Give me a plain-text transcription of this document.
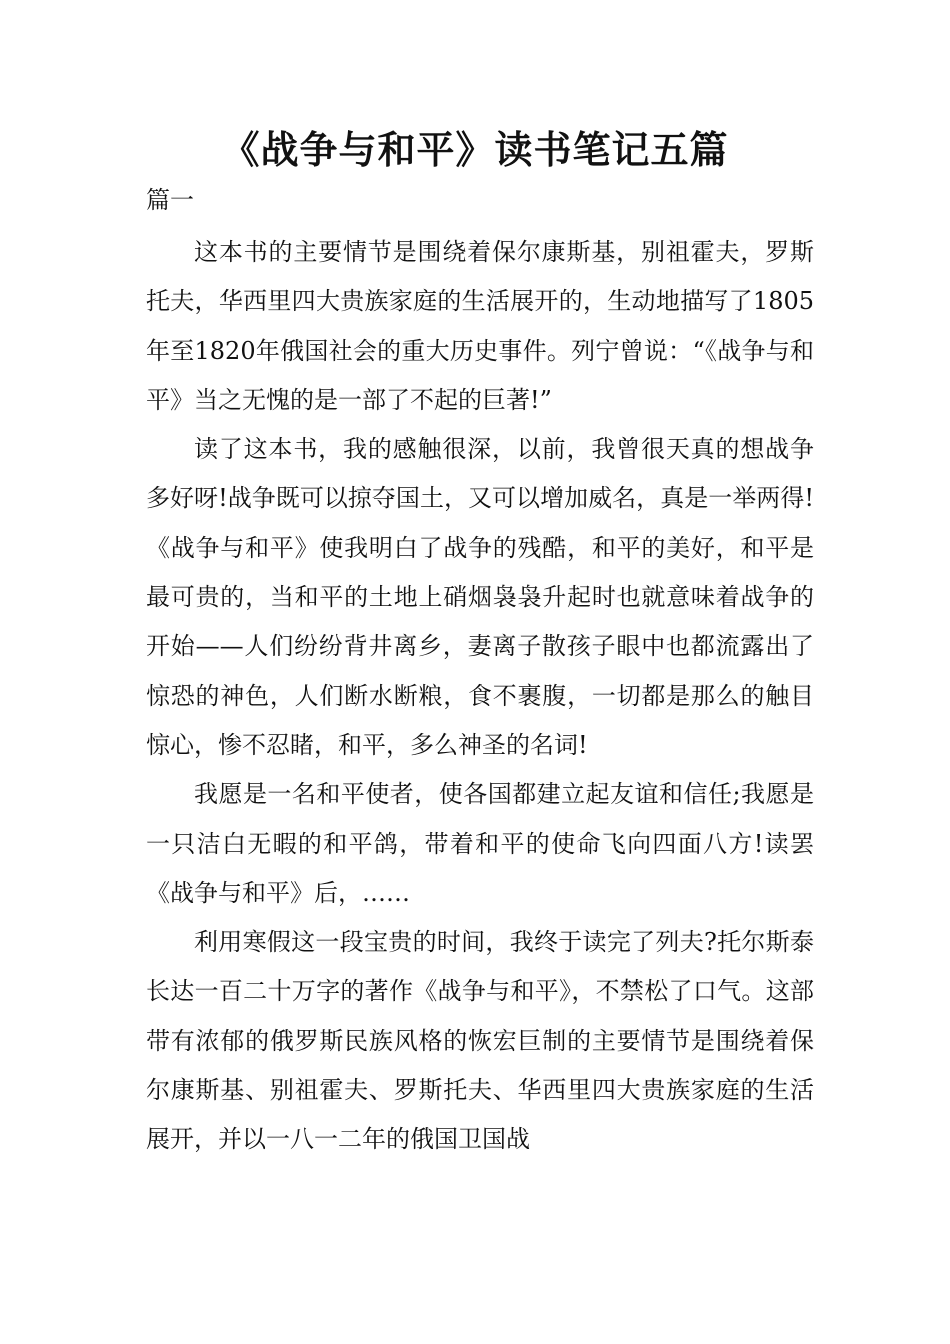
《战争与和平》读书笔记五篇

篇一

这本书的主要情节是围绕着保尔康斯基，别祖霍夫，罗斯托夫，华西里四大贵族家庭的生活展开的，生动地描写了1805年至1820年俄国社会的重大历史事件。列宁曾说：“《战争与和平》当之无愧的是一部了不起的巨著!”

读了这本书，我的感触很深，以前，我曾很天真的想战争多好呀!战争既可以掠夺国土，又可以增加威名，真是一举两得!《战争与和平》使我明白了战争的残酷，和平的美好，和平是最可贵的，当和平的土地上硝烟袅袅升起时也就意味着战争的开始——人们纷纷背井离乡，妻离子散孩子眼中也都流露出了惊恐的神色，人们断水断粮，食不裹腹，一切都是那么的触目惊心，惨不忍睹，和平，多么神圣的名词!

我愿是一名和平使者，使各国都建立起友谊和信任;我愿是一只洁白无暇的和平鸽，带着和平的使命飞向四面八方!读罢《战争与和平》后，……

利用寒假这一段宝贵的时间，我终于读完了列夫?托尔斯泰长达一百二十万字的著作《战争与和平》，不禁松了口气。这部带有浓郁的俄罗斯民族风格的恢宏巨制的主要情节是围绕着保尔康斯基、别祖霍夫、罗斯托夫、华西里四大贵族家庭的生活展开，并以一八一二年的俄国卫国战
